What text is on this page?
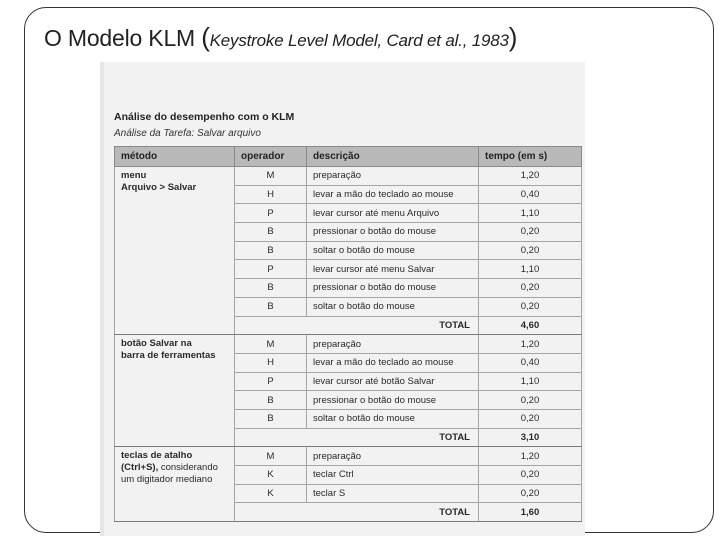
O Modelo KLM (Keystroke Level Model, Card et al., 1983)
Análise do desempenho com o KLM
Análise da Tarefa: Salvar arquivo
método	operador	descrição	tempo (em s)
menu
Arquivo > Salvar	M	preparação	1,20
	H	levar a mão do teclado ao mouse	0,40
	P	levar cursor até menu Arquivo	1,10
	B	pressionar o botão do mouse	0,20
	B	soltar o botão do mouse	0,20
	P	levar cursor até menu Salvar	1,10
	B	pressionar o botão do mouse	0,20
	B	soltar o botão do mouse	0,20
		TOTAL	4,60
botão Salvar na
barra de ferramentas	M	preparação	1,20
	H	levar a mão do teclado ao mouse	0,40
	P	levar cursor até botão Salvar	1,10
	B	pressionar o botão do mouse	0,20
	B	soltar o botão do mouse	0,20
		TOTAL	3,10
teclas de atalho
(Ctrl+S), considerando
um digitador mediano	M	preparação	1,20
	K	teclar Ctrl	0,20
	K	teclar S	0,20
		TOTAL	1,60
